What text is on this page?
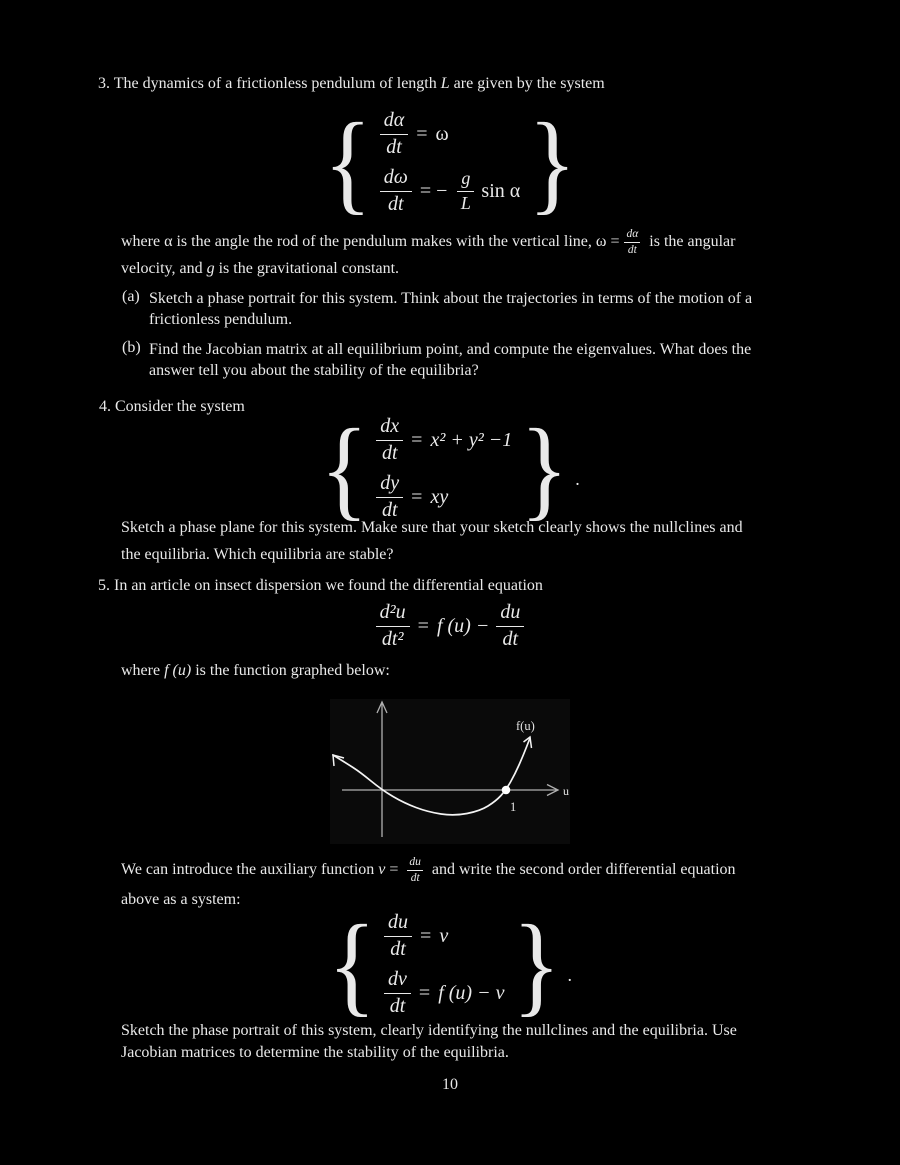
3. The dynamics of a frictionless pendulum of length L are given by the system
{ $\frac{d\alpha}{dt} = \omega$
$\frac{d\omega}{dt}$ = − $\frac{g}{L}$ sin α }
where α is the angle the rod of the pendulum makes with the vertical line, $\omega = \frac{d\alpha}{dt}$ is the angular
velocity, and g is the gravitational constant.
(a) Sketch a phase portrait for this system. Think about the trajectories in terms of the motion of a
frictionless pendulum.
(b) Find the Jacobian matrix at all equilibrium point, and compute the eigenvalues. What does the
answer tell you about the stability of the equilibria?
4. Consider the system { $\frac{dx}{dt} = x^2 + y^2 -1$
$\frac{dy}{dt}$ = xy } .
Sketch a phase plane for this system. Make sure that your sketch clearly shows the nullclines and
the equilibria. Which equilibria are stable?
5. In an article on insect dispersion we found the differential equation
$\frac{\text{d²u}}{\text{dt²}} = f$ $(u) - \frac{du}{dt}$
where f (u) is the function graphed below:
f(u)
u
1
We can introduce the auxiliary function $v = \frac{du}{dt}$ and write the second order differential equation
above as a system:
{ $\frac{du}{dt} = v$
$\frac{dv}{dt} = f$ (u) − v } .
Sketch the phase portrait of this system, clearly identifying the nullclines and the equilibria. Use
Jacobian matrices to determine the stability of the equilibria.
10
